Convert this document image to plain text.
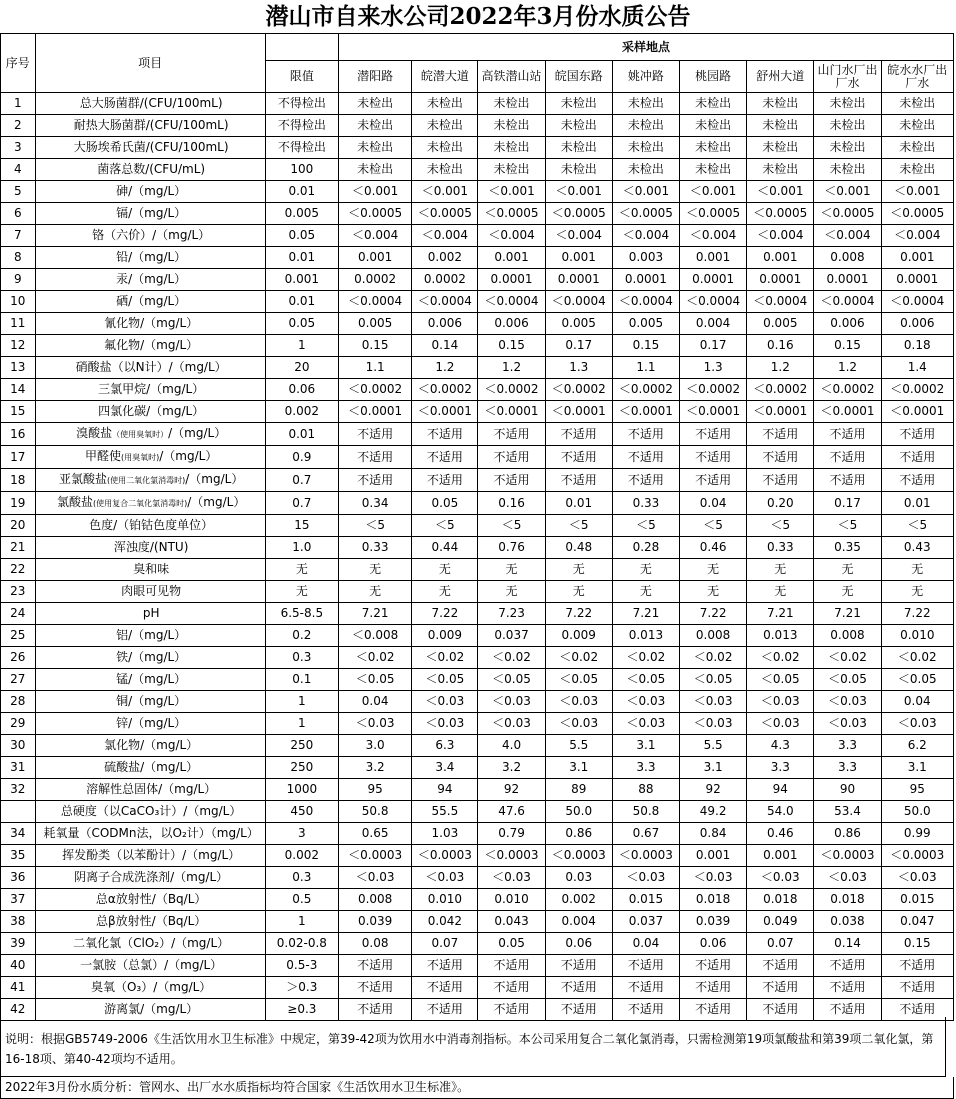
潜山市自来水公司2022年3月份水质公告
序号	项目		采样地点								
		限值	潜阳路	皖潜大道	高铁潜山站	皖国东路	姚冲路	桃园路	舒州大道	山门水厂出厂水	皖水水厂出厂水
1	总大肠菌群/(CFU/100mL)	不得检出	未检出	未检出	未检出	未检出	未检出	未检出	未检出	未检出	未检出
2	耐热大肠菌群/(CFU/100mL)	不得检出	未检出	未检出	未检出	未检出	未检出	未检出	未检出	未检出	未检出
3	大肠埃希氏菌/(CFU/100mL)	不得检出	未检出	未检出	未检出	未检出	未检出	未检出	未检出	未检出	未检出
4	菌落总数/(CFU/mL)	100	未检出	未检出	未检出	未检出	未检出	未检出	未检出	未检出	未检出
5	砷/（mg/L）	0.01	＜0.001	＜0.001	＜0.001	＜0.001	＜0.001	＜0.001	＜0.001	＜0.001	＜0.001
6	镉/（mg/L）	0.005	＜0.0005	＜0.0005	＜0.0005	＜0.0005	＜0.0005	＜0.0005	＜0.0005	＜0.0005	＜0.0005
7	铬（六价）/（mg/L）	0.05	＜0.004	＜0.004	＜0.004	＜0.004	＜0.004	＜0.004	＜0.004	＜0.004	＜0.004
8	铅/（mg/L）	0.01	0.001	0.002	0.001	0.001	0.003	0.001	0.001	0.008	0.001
9	汞/（mg/L）	0.001	0.0002	0.0002	0.0001	0.0001	0.0001	0.0001	0.0001	0.0001	0.0001
10	硒/（mg/L）	0.01	＜0.0004	＜0.0004	＜0.0004	＜0.0004	＜0.0004	＜0.0004	＜0.0004	＜0.0004	＜0.0004
11	氰化物/（mg/L）	0.05	0.005	0.006	0.006	0.005	0.005	0.004	0.005	0.006	0.006
12	氟化物/（mg/L）	1	0.15	0.14	0.15	0.17	0.15	0.17	0.16	0.15	0.18
13	硝酸盐（以N计）/（mg/L）	20	1.1	1.2	1.2	1.3	1.1	1.3	1.2	1.2	1.4
14	三氯甲烷/（mg/L）	0.06	＜0.0002	＜0.0002	＜0.0002	＜0.0002	＜0.0002	＜0.0002	＜0.0002	＜0.0002	＜0.0002
15	四氯化碳/（mg/L）	0.002	＜0.0001	＜0.0001	＜0.0001	＜0.0001	＜0.0001	＜0.0001	＜0.0001	＜0.0001	＜0.0001
16	溴酸盐（使用臭氧时）/（mg/L）	0.01	不适用	不适用	不适用	不适用	不适用	不适用	不适用	不适用	不适用
17	甲醛使(用臭氧时)/（mg/L）	0.9	不适用	不适用	不适用	不适用	不适用	不适用	不适用	不适用	不适用
18	亚氯酸盐(使用二氧化氯消毒时)/（mg/L）	0.7	不适用	不适用	不适用	不适用	不适用	不适用	不适用	不适用	不适用
19	氯酸盐(使用复合二氧化氯消毒时)/（mg/L）	0.7	0.34	0.05	0.16	0.01	0.33	0.04	0.20	0.17	0.01
20	色度/（铂钴色度单位）	15	＜5	＜5	＜5	＜5	＜5	＜5	＜5	＜5	＜5
21	浑浊度/(NTU)	1.0	0.33	0.44	0.76	0.48	0.28	0.46	0.33	0.35	0.43
22	臭和味	无	无	无	无	无	无	无	无	无	无
23	肉眼可见物	无	无	无	无	无	无	无	无	无	无
24	pH	6.5-8.5	7.21	7.22	7.23	7.22	7.21	7.22	7.21	7.21	7.22
25	铝/（mg/L）	0.2	＜0.008	0.009	0.037	0.009	0.013	0.008	0.013	0.008	0.010
26	铁/（mg/L）	0.3	＜0.02	＜0.02	＜0.02	＜0.02	＜0.02	＜0.02	＜0.02	＜0.02	＜0.02
27	锰/（mg/L）	0.1	＜0.05	＜0.05	＜0.05	＜0.05	＜0.05	＜0.05	＜0.05	＜0.05	＜0.05
28	铜/（mg/L）	1	0.04	＜0.03	＜0.03	＜0.03	＜0.03	＜0.03	＜0.03	＜0.03	0.04
29	锌/（mg/L）	1	＜0.03	＜0.03	＜0.03	＜0.03	＜0.03	＜0.03	＜0.03	＜0.03	＜0.03
30	氯化物/（mg/L）	250	3.0	6.3	4.0	5.5	3.1	5.5	4.3	3.3	6.2
31	硫酸盐/（mg/L）	250	3.2	3.4	3.2	3.1	3.3	3.1	3.3	3.3	3.1
32	溶解性总固体/（mg/L）	1000	95	94	92	89	88	92	94	90	95
	总硬度（以CaCO₃计）/（mg/L）	450	50.8	55.5	47.6	50.0	50.8	49.2	54.0	53.4	50.0
34	耗氧量（CODMn法，以O₂计）（mg/L）	3	0.65	1.03	0.79	0.86	0.67	0.84	0.46	0.86	0.99
35	挥发酚类（以苯酚计）/（mg/L）	0.002	＜0.0003	＜0.0003	＜0.0003	＜0.0003	＜0.0003	0.001	0.001	＜0.0003	＜0.0003
36	阴离子合成洗涤剂/（mg/L）	0.3	＜0.03	＜0.03	＜0.03	0.03	＜0.03	＜0.03	＜0.03	＜0.03	＜0.03
37	总α放射性/（Bq/L）	0.5	0.008	0.010	0.010	0.002	0.015	0.018	0.018	0.018	0.015
38	总β放射性/（Bq/L）	1	0.039	0.042	0.043	0.004	0.037	0.039	0.049	0.038	0.047
39	二氧化氯（ClO₂）/（mg/L）	0.02-0.8	0.08	0.07	0.05	0.06	0.04	0.06	0.07	0.14	0.15
40	一氯胺（总氯）/（mg/L）	0.5-3	不适用	不适用	不适用	不适用	不适用	不适用	不适用	不适用	不适用
41	臭氧（O₃）/（mg/L）	＞0.3	不适用	不适用	不适用	不适用	不适用	不适用	不适用	不适用	不适用
42	游离氯/（mg/L）	≥0.3	不适用	不适用	不适用	不适用	不适用	不适用	不适用	不适用	不适用
说明：根据GB5749-2006《生活饮用水卫生标准》中规定，第39-42项为饮用水中消毒剂指标。本公司采用复合二氧化氯消毒，只需检测第19项氯酸盐和第39项二氧化氯，第16-18项、第40-42项均不适用。
2022年3月份水质分析：管网水、出厂水水质指标均符合国家《生活饮用水卫生标准》。
